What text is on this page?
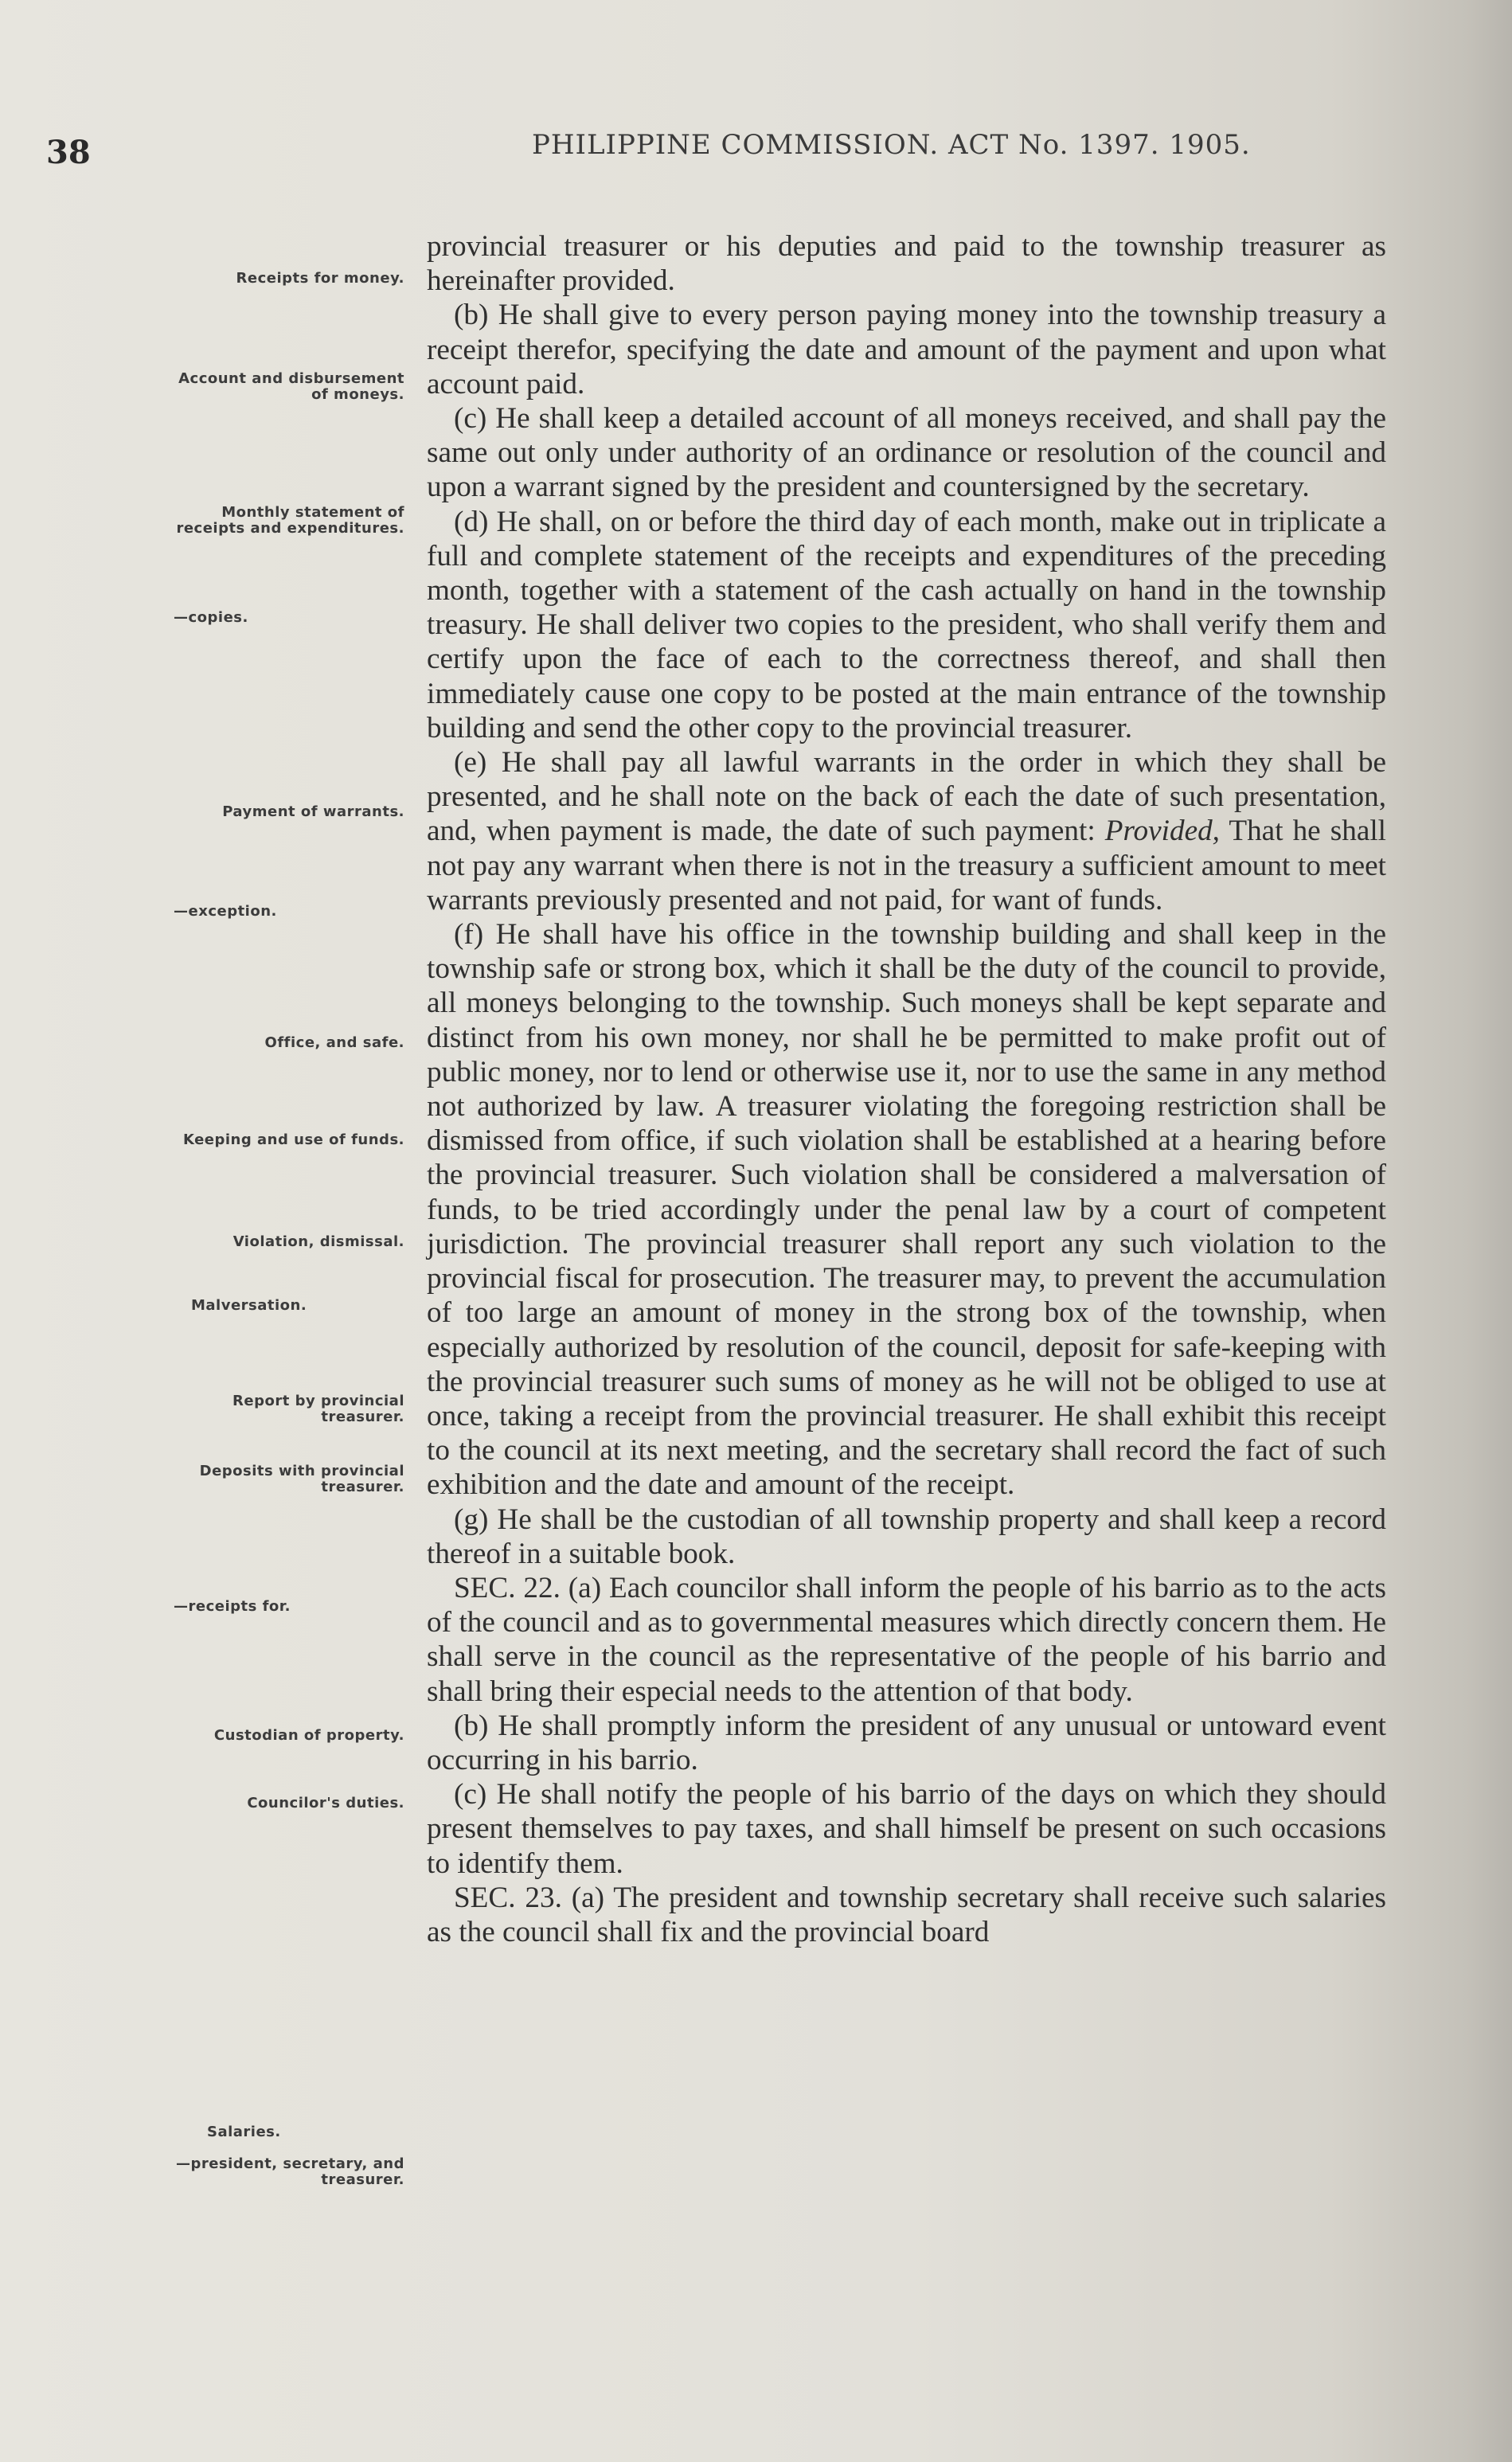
38	PHILIPPINE COMMISSION. ACT No. 1397. 1905.
Receipts for money.
Account and disbursement of moneys.
Monthly statement of receipts and expenditures.
—copies.
Payment of warrants.
—exception.
Office, and safe.
Keeping and use of funds.
Violation, dismissal.
Malversation.
Report by provincial treasurer.
Deposits with provincial treasurer.
—receipts for.
Custodian of property.
Councilor's duties.
Salaries.
—president, secretary, and treasurer.

provincial treasurer or his deputies and paid to the township treasurer as hereinafter provided.

(b) He shall give to every person paying money into the township treasury a receipt therefor, specifying the date and amount of the payment and upon what account paid.

(c) He shall keep a detailed account of all moneys received, and shall pay the same out only under authority of an ordinance or resolution of the council and upon a warrant signed by the president and countersigned by the secretary.

(d) He shall, on or before the third day of each month, make out in triplicate a full and complete statement of the receipts and expenditures of the preceding month, together with a statement of the cash actually on hand in the township treasury. He shall deliver two copies to the president, who shall verify them and certify upon the face of each to the correctness thereof, and shall then immediately cause one copy to be posted at the main entrance of the township building and send the other copy to the provincial treasurer.

(e) He shall pay all lawful warrants in the order in which they shall be presented, and he shall note on the back of each the date of such presentation, and, when payment is made, the date of such payment: Provided, That he shall not pay any warrant when there is not in the treasury a sufficient amount to meet warrants previously presented and not paid, for want of funds.

(f) He shall have his office in the township building and shall keep in the township safe or strong box, which it shall be the duty of the council to provide, all moneys belonging to the township. Such moneys shall be kept separate and distinct from his own money, nor shall he be permitted to make profit out of public money, nor to lend or otherwise use it, nor to use the same in any method not authorized by law. A treasurer violating the foregoing restriction shall be dismissed from office, if such violation shall be established at a hearing before the provincial treasurer. Such violation shall be considered a malversation of funds, to be tried accordingly under the penal law by a court of competent jurisdiction. The provincial treasurer shall report any such violation to the provincial fiscal for prosecution. The treasurer may, to prevent the accumulation of too large an amount of money in the strong box of the township, when especially authorized by resolution of the council, deposit for safe-keeping with the provincial treasurer such sums of money as he will not be obliged to use at once, taking a receipt from the provincial treasurer. He shall exhibit this receipt to the council at its next meeting, and the secretary shall record the fact of such exhibition and the date and amount of the receipt.

(g) He shall be the custodian of all township property and shall keep a record thereof in a suitable book.

SEC. 22. (a) Each councilor shall inform the people of his barrio as to the acts of the council and as to governmental measures which directly concern them. He shall serve in the council as the representative of the people of his barrio and shall bring their especial needs to the attention of that body.

(b) He shall promptly inform the president of any unusual or untoward event occurring in his barrio.

(c) He shall notify the people of his barrio of the days on which they should present themselves to pay taxes, and shall himself be present on such occasions to identify them.

SEC. 23. (a) The president and township secretary shall receive such salaries as the council shall fix and the provincial board
